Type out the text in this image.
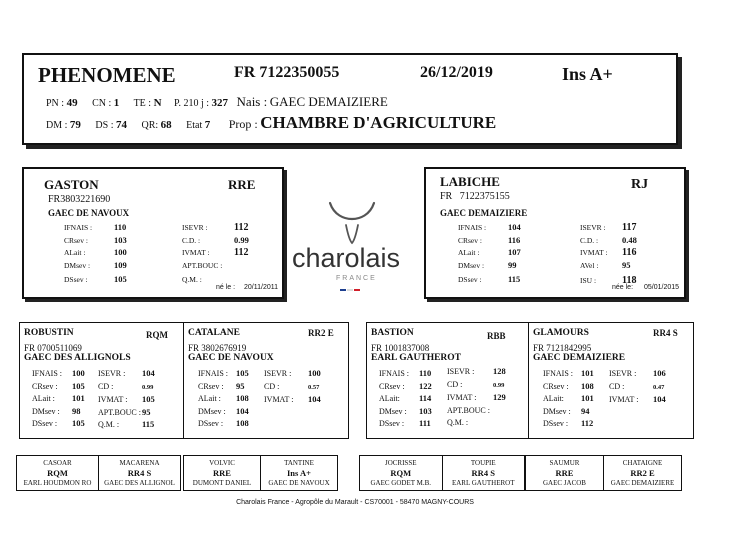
PHENOMENE	FR 7122350055	26/12/2019	Ins A+
PN : 49 CN : 1 TE : N P. 210 j : 327 Nais : GAEC DEMAIZIERE
DM : 79 DS : 74 QR: 68 Etat 7 Prop : CHAMBRE D'AGRICULTURE
GASTON	RRE
FR3803221690
GAEC DE NAVOUX
IFNAIS :	110
CRsev :	103
ALait :	100
DMsev :	109
DSsev :	105
ISEVR :	112
C.D. :	0.99
IVMAT : 112
APT.BOUC :
Q.M. :
né le : 20/11/2011
LABICHE	RJ
FR   7122375155
GAEC DEMAIZIERE
IFNAIS :	104
CRsev :	116
ALait :	107
DMsev :	99
DSsev :	115
ISEVR : 117
C.D. :	0.48
IVMAT : 116
AVel :	95
ISU :	118
née le: 05/01/2015
charolais
FRANCE
ROBUSTIN	RQM
FR 0700511069
GAEC DES ALLIGNOLS
IFNAIS : 100
CRsev : 105
ALait : 101
DMsev : 98
DSsev : 105
ISEVR : 104
CD :	0.99
IVMAT : 105
APT.BOUC :95
Q.M. :	115
CATALANE	RR2 E
FR 3802676919
GAEC DE NAVOUX
IFNAIS : 105
CRsev : 95
ALait : 108
DMsev : 104
DSsev : 108
ISEVR : 100
CD :	0.57
IVMAT : 104
BASTION	RBB
FR 1001837008
EARL GAUTHEROT
IFNAIS : 110
CRsev : 122
ALait: 114
DMsev : 103
DSsev : 111
ISEVR : 128
CD :	0.99
IVMAT : 129
APT.BOUC :
Q.M. :
GLAMOURS	RR4 S
FR 7121842995
GAEC DEMAIZIERE
IFNAIS : 101
CRsev : 108
ALait: 101
DMsev : 94
DSsev : 112
ISEVR : 106
CD :	0.47
IVMAT : 104
CASOAR
RQM
EARL HOUDMON RO
MACARENA
RR4 S
GAEC DES ALLIGNOL
VOLVIC
RRE
DUMONT DANIEL
TANTINE
Ins A+
GAEC DE NAVOUX
JOCRISSE
RQM
GAEC GODET M.B.
TOUPIE
RR4 S
EARL GAUTHEROT
SAUMUR
RRE
GAEC JACOB
CHATAIGNE
RR2 E
GAEC DEMAIZIERE
Charolais France - Agropôle du Marault - CS70001 - 58470 MAGNY-COURS
